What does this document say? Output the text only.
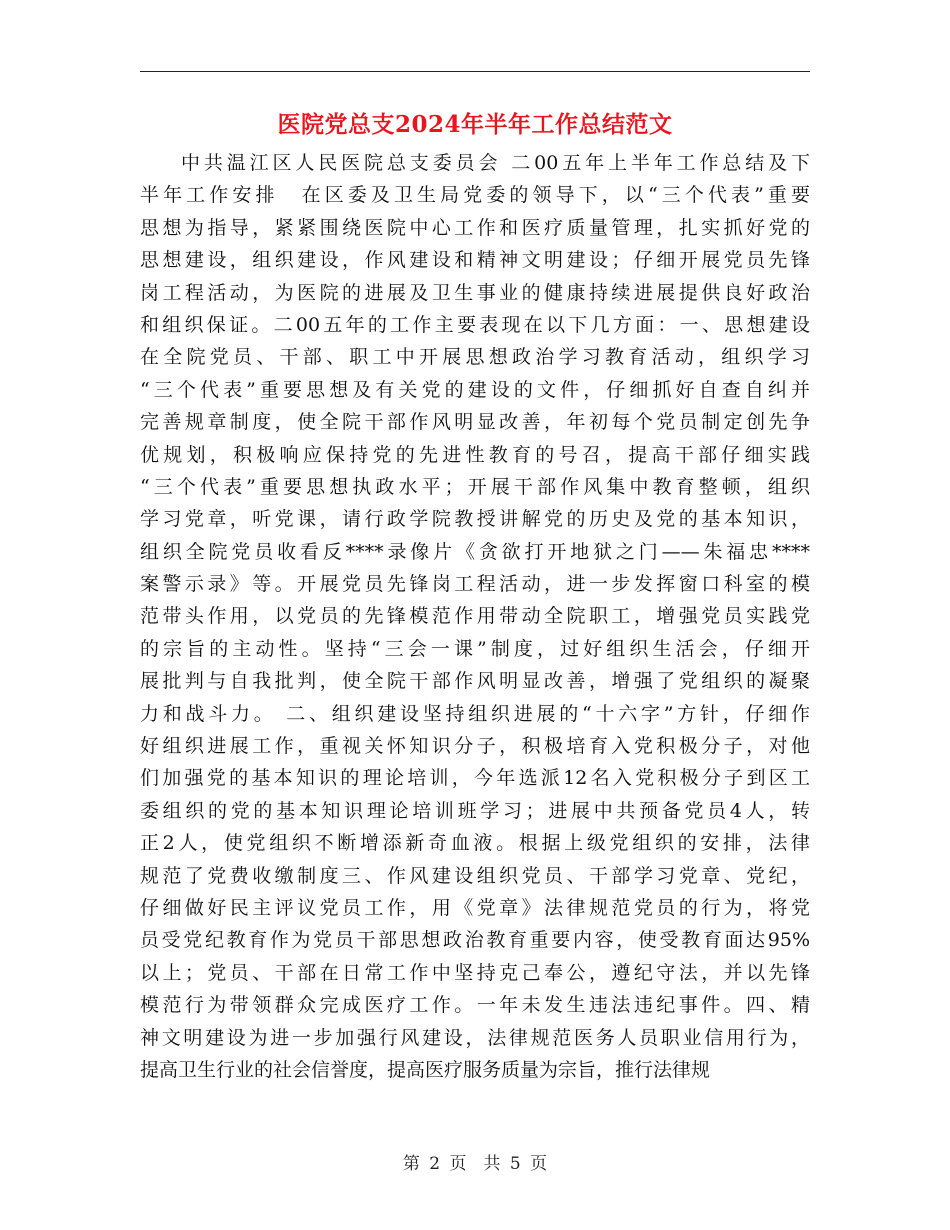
医院党总支2024年半年工作总结范文
中共温江区人民医院总支委员会 二00五年上半年工作总结及下
半年工作安排　在区委及卫生局党委的领导下，以“三个代表”重要
思想为指导，紧紧围绕医院中心工作和医疗质量管理，扎实抓好党的
思想建设，组织建设，作风建设和精神文明建设；仔细开展党员先锋
岗工程活动，为医院的进展及卫生事业的健康持续进展提供良好政治
和组织保证。二00五年的工作主要表现在以下几方面：一、思想建设
在全院党员、干部、职工中开展思想政治学习教育活动，组织学习
“三个代表”重要思想及有关党的建设的文件，仔细抓好自查自纠并
完善规章制度，使全院干部作风明显改善，年初每个党员制定创先争
优规划，积极响应保持党的先进性教育的号召，提高干部仔细实践
“三个代表”重要思想执政水平；开展干部作风集中教育整顿，组织
学习党章，听党课，请行政学院教授讲解党的历史及党的基本知识，
组织全院党员收看反****录像片《贪欲打开地狱之门——朱福忠****
案警示录》等。开展党员先锋岗工程活动，进一步发挥窗口科室的模
范带头作用，以党员的先锋模范作用带动全院职工，增强党员实践党
的宗旨的主动性。坚持“三会一课”制度，过好组织生活会，仔细开
展批判与自我批判，使全院干部作风明显改善，增强了党组织的凝聚
力和战斗力。 二、组织建设坚持组织进展的“十六字”方针，仔细作
好组织进展工作，重视关怀知识分子，积极培育入党积极分子，对他
们加强党的基本知识的理论培训，今年选派12名入党积极分子到区工
委组织的党的基本知识理论培训班学习；进展中共预备党员4人，转
正2人，使党组织不断增添新奇血液。根据上级党组织的安排，法律
规范了党费收缴制度三、作风建设组织党员、干部学习党章、党纪，
仔细做好民主评议党员工作，用《党章》法律规范党员的行为，将党
员受党纪教育作为党员干部思想政治教育重要内容，使受教育面达95%
以上；党员、干部在日常工作中坚持克己奉公，遵纪守法，并以先锋
模范行为带领群众完成医疗工作。一年未发生违法违纪事件。四、精
神文明建设为进一步加强行风建设，法律规范医务人员职业信用行为，
提高卫生行业的社会信誉度，提高医疗服务质量为宗旨，推行法律规
第 2 页　共 5 页
